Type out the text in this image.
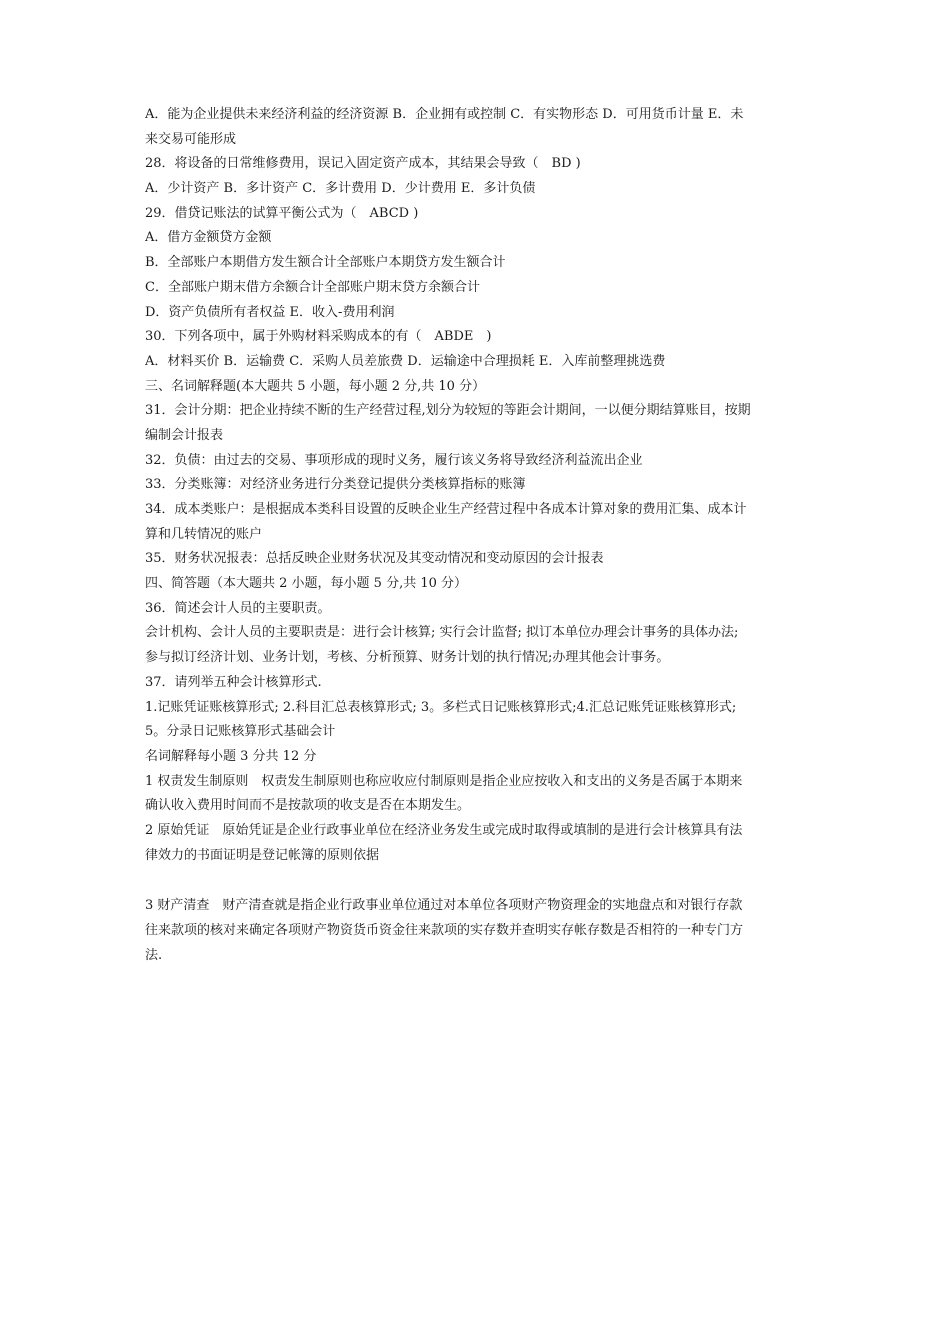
A．能为企业提供未来经济利益的经济资源 B．企业拥有或控制 C．有实物形态 D．可用货币计量 E．未
来交易可能形成
28．将设备的日常维修费用，误记入固定资产成本，其结果会导致（　BD )
A．少计资产 B．多计资产 C．多计费用 D．少计费用 E．多计负债
29．借贷记账法的试算平衡公式为（　ABCD )
A．借方金额贷方金额
B．全部账户本期借方发生额合计全部账户本期贷方发生额合计
C．全部账户期末借方余额合计全部账户期末贷方余额合计
D．资产负债所有者权益 E．收入-费用利润
30．下列各项中，属于外购材料采购成本的有（　ABDE　)
A．材料买价 B．运输费 C．采购人员差旅费 D．运输途中合理损耗 E．入库前整理挑选费
三、名词解释题(本大题共 5 小题，每小题 2 分,共 10 分）
31．会计分期：把企业持续不断的生产经营过程,划分为较短的等距会计期间，一以便分期结算账目，按期
编制会计报表
32．负债：由过去的交易、事项形成的现时义务，履行该义务将导致经济利益流出企业
33．分类账簿：对经济业务进行分类登记提供分类核算指标的账簿
34．成本类账户：是根据成本类科目设置的反映企业生产经营过程中各成本计算对象的费用汇集、成本计
算和几转情况的账户
35．财务状况报表：总括反映企业财务状况及其变动情况和变动原因的会计报表
四、简答题（本大题共 2 小题，每小题 5 分,共 10 分）
36．简述会计人员的主要职责。
会计机构、会计人员的主要职责是：进行会计核算; 实行会计监督; 拟订本单位办理会计事务的具体办法;
参与拟订经济计划、业务计划，考核、分析预算、财务计划的执行情况;办理其他会计事务。
37．请列举五种会计核算形式.
1.记账凭证账核算形式; 2.科目汇总表核算形式; 3。多栏式日记账核算形式;4.汇总记账凭证账核算形式;
5。分录日记账核算形式基础会计
名词解释每小题 3 分共 12 分
1 权责发生制原则　权责发生制原则也称应收应付制原则是指企业应按收入和支出的义务是否属于本期来
确认收入费用时间而不是按款项的收支是否在本期发生。
2 原始凭证　原始凭证是企业行政事业单位在经济业务发生或完成时取得或填制的是进行会计核算具有法
律效力的书面证明是登记帐簿的原则依据
3 财产清查　财产清查就是指企业行政事业单位通过对本单位各项财产物资理金的实地盘点和对银行存款
往来款项的核对来确定各项财产物资货币资金往来款项的实存数并查明实存帐存数是否相符的一种专门方
法.
